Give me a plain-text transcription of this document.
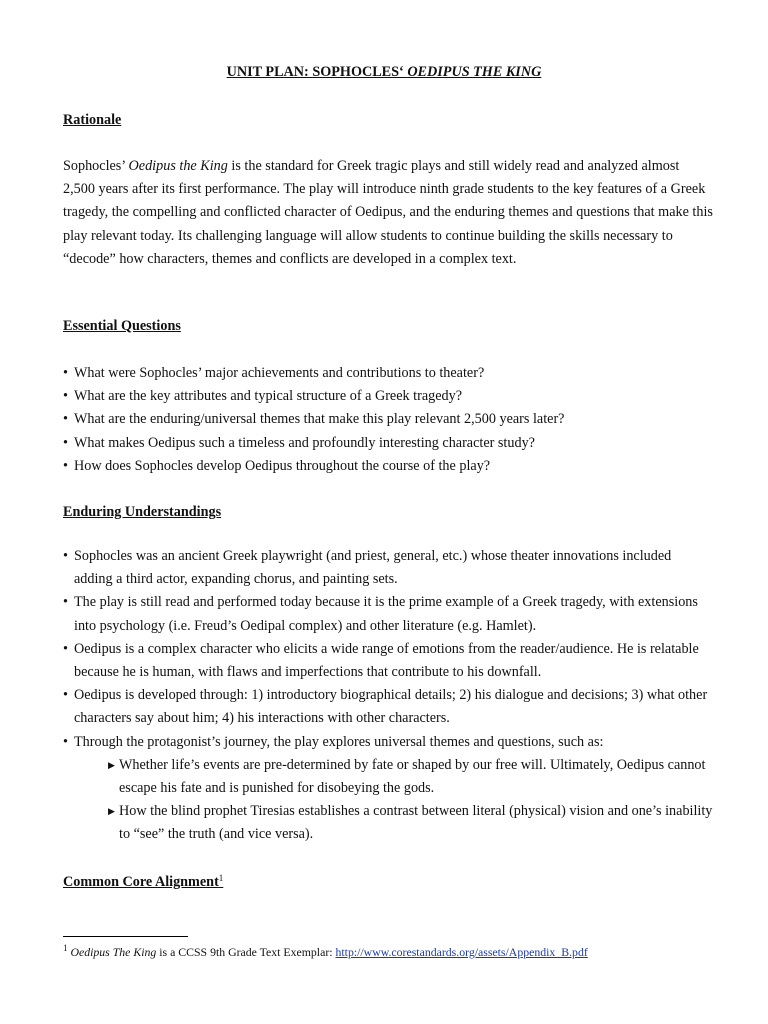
UNIT PLAN: SOPHOCLES‘ OEDIPUS THE KING
Rationale

Sophocles’ Oedipus the King is the standard for Greek tragic plays and still widely read and analyzed almost 2,500 years after its first performance. The play will introduce ninth grade students to the key features of a Greek tragedy, the compelling and conflicted character of Oedipus, and the enduring themes and questions that make this play relevant today. Its challenging language will allow students to continue building the skills necessary to “decode” how characters, themes and conflicts are developed in a complex text.

Essential Questions
• What were Sophocles’ major achievements and contributions to theater?
• What are the key attributes and typical structure of a Greek tragedy?
• What are the enduring/universal themes that make this play relevant 2,500 years later?
• What makes Oedipus such a timeless and profoundly interesting character study?
• How does Sophocles develop Oedipus throughout the course of the play?
Enduring Understandings
• Sophocles was an ancient Greek playwright (and priest, general, etc.) whose theater innovations included adding a third actor, expanding chorus, and painting sets.
• The play is still read and performed today because it is the prime example of a Greek tragedy, with extensions into psychology (i.e. Freud’s Oedipal complex) and other literature (e.g. Hamlet).
• Oedipus is a complex character who elicits a wide range of emotions from the reader/audience. He is relatable because he is human, with flaws and imperfections that contribute to his downfall.
• Oedipus is developed through: 1) introductory biographical details; 2) his dialogue and decisions; 3) what other characters say about him; 4) his interactions with other characters.
• Through the protagonist’s journey, the play explores universal themes and questions, such as:
▶ Whether life’s events are pre-determined by fate or shaped by our free will. Ultimately, Oedipus cannot escape his fate and is punished for disobeying the gods.
▶ How the blind prophet Tiresias establishes a contrast between literal (physical) vision and one’s inability to “see” the truth (and vice versa).
Common Core Alignment$^1$
$^1$ Oedipus The King is a CCSS 9th Grade Text Exemplar: http://www.corestandards.org/assets/Appendix_B.pdf
